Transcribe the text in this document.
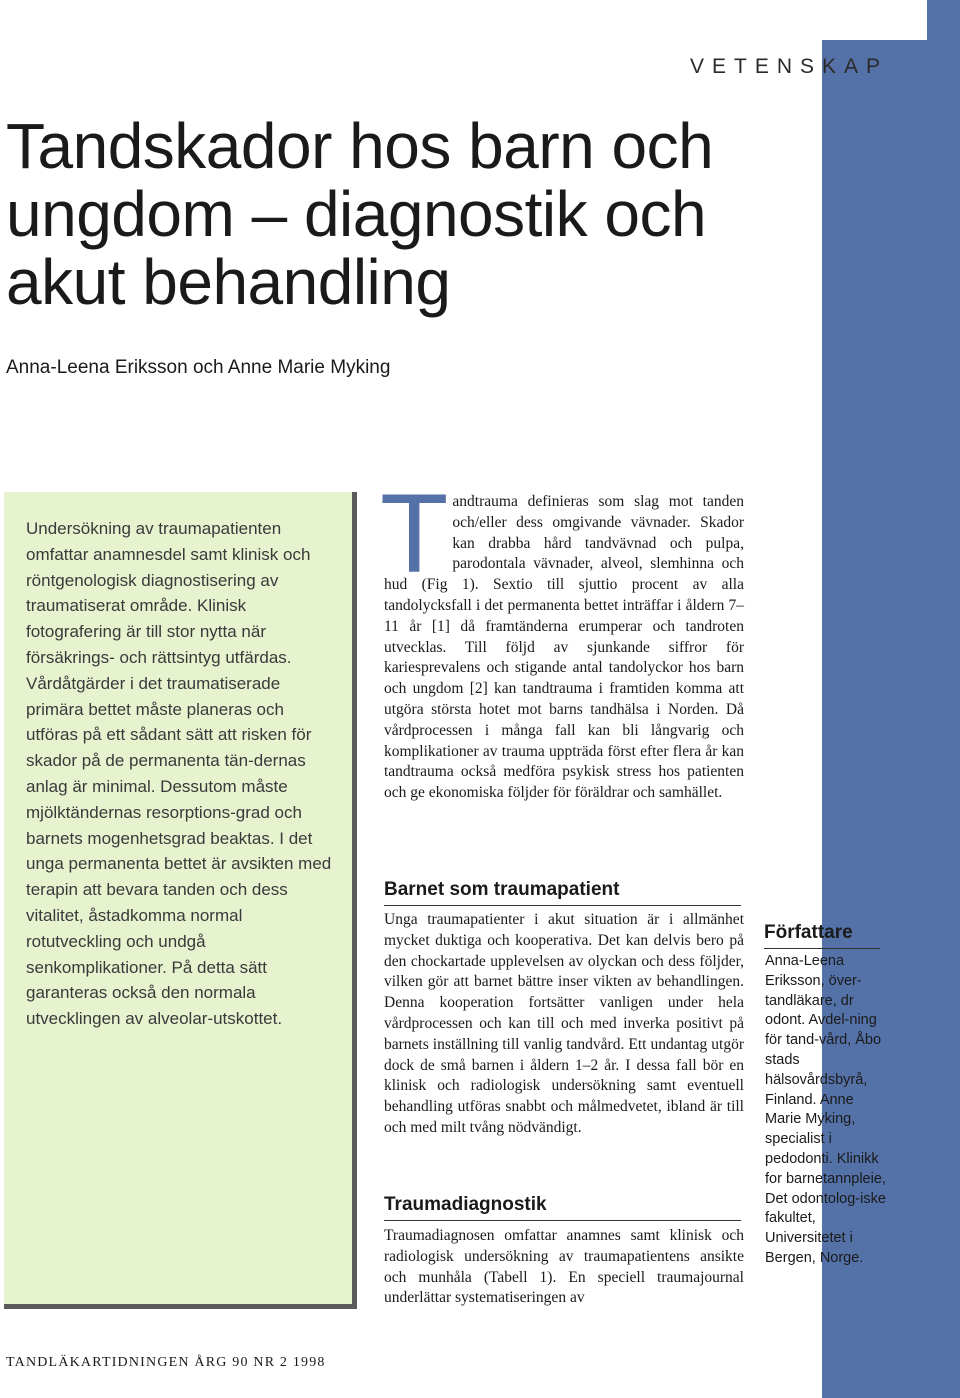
VETENSKAP
Tandskador hos barn och ungdom – diagnostik och akut behandling
Anna-Leena Eriksson och Anne Marie Myking

Undersökning av traumapatienten omfattar anamnesdel samt klinisk och röntgenologisk diagnostisering av traumatiserat område. Klinisk fotografering är till stor nytta när försäkrings- och rättsintyg utfärdas. Vårdåtgärder i det traumatiserade primära bettet måste planeras och utföras på ett sådant sätt att risken för skador på de permanenta tän-dernas anlag är minimal. Dessutom måste mjölktändernas resorptions-grad och barnets mogenhetsgrad beaktas. I det unga permanenta bettet är avsikten med terapin att bevara tanden och dess vitalitet, åstadkomma normal rotutveckling och undgå senkomplikationer. På detta sätt garanteras också den normala utvecklingen av alveolar-utskottet.

Tandtrauma definieras som slag mot tanden och/eller dess omgivande vävnader. Skador kan drabba hård tandvävnad och pulpa, parodontala vävnader, alveol, slemhinna och hud (Fig 1). Sextio till sjuttio procent av alla tandolycksfall i det permanenta bettet inträffar i åldern 7–11 år [1] då framtänderna erumperar och tandroten utvecklas. Till följd av sjunkande siffror för kariesprevalens och stigande antal tandolyckor hos barn och ungdom [2] kan tandtrauma i framtiden komma att utgöra största hotet mot barns tandhälsa i Norden. Då vårdprocessen i många fall kan bli långvarig och komplikationer av trauma uppträda först efter flera år kan tandtrauma också medföra psykisk stress hos patienten och ge ekonomiska följder för föräldrar och samhället.

Barnet som traumapatient

Unga traumapatienter i akut situation är i allmänhet mycket duktiga och kooperativa. Det kan delvis bero på den chockartade upplevelsen av olyckan och dess följder, vilken gör att barnet bättre inser vikten av behandlingen. Denna kooperation fortsätter vanligen under hela vårdprocessen och kan till och med inverka positivt på barnets inställning till vanlig tandvård. Ett undantag utgör dock de små barnen i åldern 1–2 år. I dessa fall bör en klinisk och radiologisk undersökning samt eventuell behandling utföras snabbt och målmedvetet, ibland är till och med milt tvång nödvändigt.

Traumadiagnostik

Traumadiagnosen omfattar anamnes samt klinisk och radiologisk undersökning av traumapatientens ansikte och munhåla (Tabell 1). En speciell traumajournal underlättar systematiseringen av

Författare

Anna-Leena Eriksson, över-tandläkare, dr odont. Avdel-ning för tand-vård, Åbo stads hälsovårdsbyrå, Finland. Anne Marie Myking, specialist i pedodonti. Klinikk for barnetannpleie, Det odontolog-iske fakultet, Universitetet i Bergen, Norge.

TANDLÄKARTIDNINGEN ÅRG 90 NR 2 1998
